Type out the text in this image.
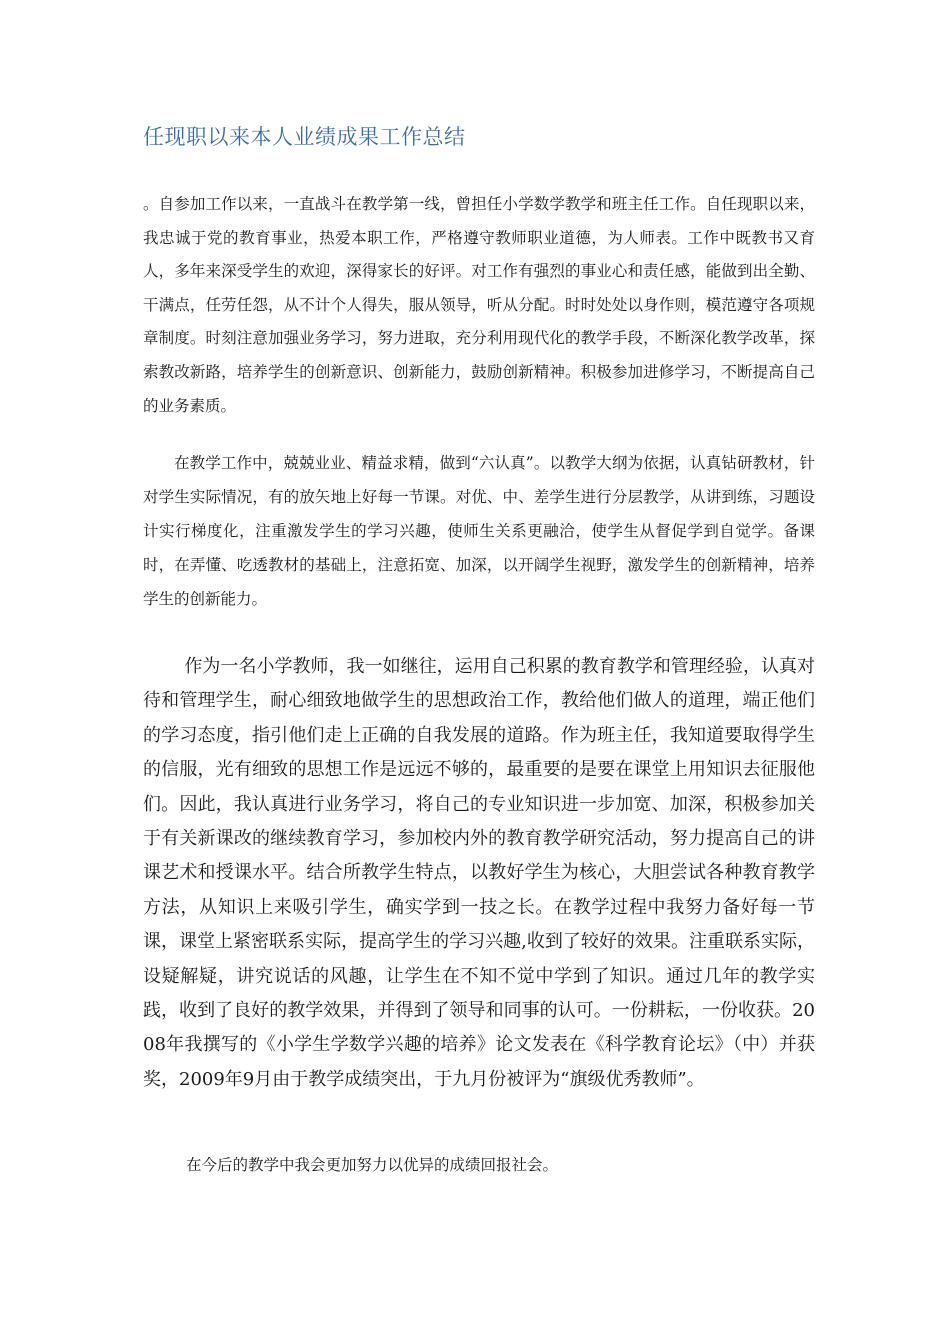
任现职以来本人业绩成果工作总结

。自参加工作以来，一直战斗在教学第一线，曾担任小学数学教学和班主任工作。自任现职以来，我忠诚于党的教育事业，热爱本职工作，严格遵守教师职业道德，为人师表。工作中既教书又育人，多年来深受学生的欢迎，深得家长的好评。对工作有强烈的事业心和责任感，能做到出全勤、干满点，任劳任怨，从不计个人得失，服从领导，听从分配。时时处处以身作则，模范遵守各项规章制度。时刻注意加强业务学习，努力进取，充分利用现代化的教学手段，不断深化教学改革，探索教改新路，培养学生的创新意识、创新能力，鼓励创新精神。积极参加进修学习，不断提高自己的业务素质。

在教学工作中，兢兢业业、精益求精，做到“六认真”。以教学大纲为依据，认真钻研教材，针对学生实际情况，有的放矢地上好每一节课。对优、中、差学生进行分层教学，从讲到练，习题设计实行梯度化，注重激发学生的学习兴趣，使师生关系更融洽，使学生从督促学到自觉学。备课时，在弄懂、吃透教材的基础上，注意拓宽、加深，以开阔学生视野，激发学生的创新精神，培养学生的创新能力。

作为一名小学教师，我一如继往，运用自己积累的教育教学和管理经验，认真对待和管理学生，耐心细致地做学生的思想政治工作，教给他们做人的道理，端正他们的学习态度，指引他们走上正确的自我发展的道路。作为班主任，我知道要取得学生的信服，光有细致的思想工作是远远不够的，最重要的是要在课堂上用知识去征服他们。因此，我认真进行业务学习，将自己的专业知识进一步加宽、加深，积极参加关于有关新课改的继续教育学习，参加校内外的教育教学研究活动，努力提高自己的讲课艺术和授课水平。结合所教学生特点，以教好学生为核心，大胆尝试各种教育教学方法，从知识上来吸引学生，确实学到一技之长。在教学过程中我努力备好每一节课，课堂上紧密联系实际，提高学生的学习兴趣,收到了较好的效果。注重联系实际，设疑解疑，讲究说话的风趣，让学生在不知不觉中学到了知识。通过几年的教学实践，收到了良好的教学效果，并得到了领导和同事的认可。一份耕耘，一份收获。2008年我撰写的《小学生学数学兴趣的培养》论文发表在《科学教育论坛》（中）并获奖，2009年9月由于教学成绩突出，于九月份被评为“旗级优秀教师”。

在今后的教学中我会更加努力以优异的成绩回报社会。
